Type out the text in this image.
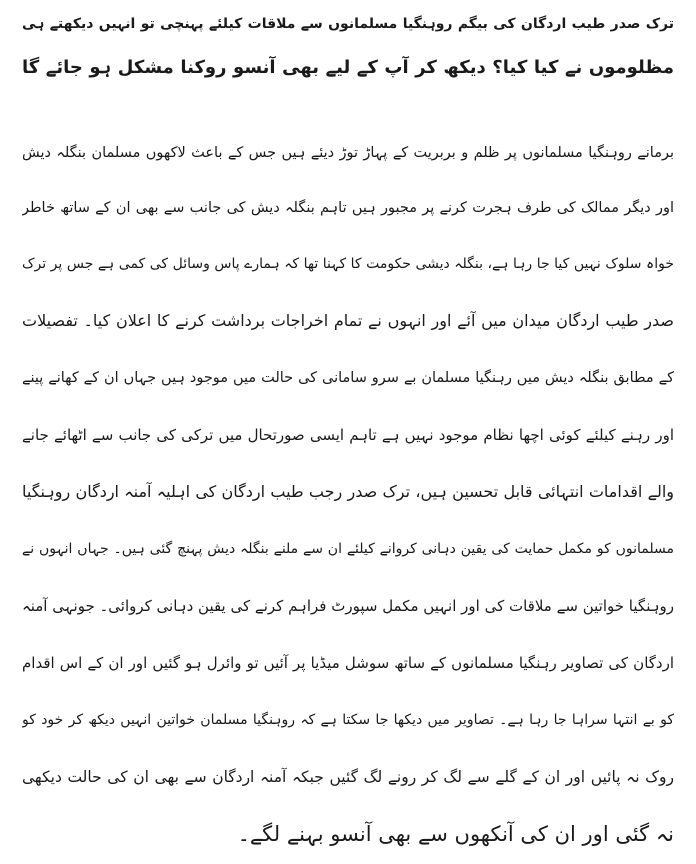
ترک صدر طیب اردگان کی بیگم روہنگیا مسلمانوں سے ملاقات کیلئے پہنچی تو انہیں دیکھتے ہی
مظلوموں نے کیا کیا؟ دیکھ کر آپ کے لیے بھی آنسو روکنا مشکل ہو جائے گا
برمانے روہنگیا مسلمانوں پر ظلم و بربریت کے پہاڑ توڑ دیئے ہیں جس کے باعث لاکھوں مسلمان بنگلہ دیش
اور دیگر ممالک کی طرف ہجرت کرنے پر مجبور ہیں تاہم بنگلہ دیش کی جانب سے بھی ان کے ساتھ خاطر
خواہ سلوک نہیں کیا جا رہا ہے، بنگلہ دیشی حکومت کا کہنا تھا کہ ہمارے پاس وسائل کی کمی ہے جس پر ترک
صدر طیب اردگان میدان میں آئے اور انہوں نے تمام اخراجات برداشت کرنے کا اعلان کیا۔ تفصیلات
کے مطابق بنگلہ دیش میں رہنگیا مسلمان بے سرو سامانی کی حالت میں موجود ہیں جہاں ان کے کھانے پینے
اور رہنے کیلئے کوئی اچھا نظام موجود نہیں ہے تاہم ایسی صورتحال میں ترکی کی جانب سے اٹھائے جانے
والے اقدامات انتہائی قابل تحسین ہیں، ترک صدر رجب طیب اردگان کی اہلیہ آمنہ اردگان روہنگیا
مسلمانوں کو مکمل حمایت کی یقین دہانی کروانے کیلئے ان سے ملنے بنگلہ دیش پہنچ گئی ہیں۔ جہاں انہوں نے
روہنگیا خواتین سے ملاقات کی اور انہیں مکمل سپورٹ فراہم کرنے کی یقین دہانی کروائی۔ جونہی آمنہ
اردگان کی تصاویر رہنگیا مسلمانوں کے ساتھ سوشل میڈیا پر آئیں تو وائرل ہو گئیں اور ان کے اس اقدام
کو بے انتہا سراہا جا رہا ہے۔ تصاویر میں دیکھا جا سکتا ہے کہ روہنگیا مسلمان خواتین انہیں دیکھ کر خود کو
روک نہ پائیں اور ان کے گلے سے لگ کر رونے لگ گئیں جبکہ آمنہ اردگان سے بھی ان کی حالت دیکھی
نہ گئی اور ان کی آنکھوں سے بھی آنسو بہنے لگے۔
